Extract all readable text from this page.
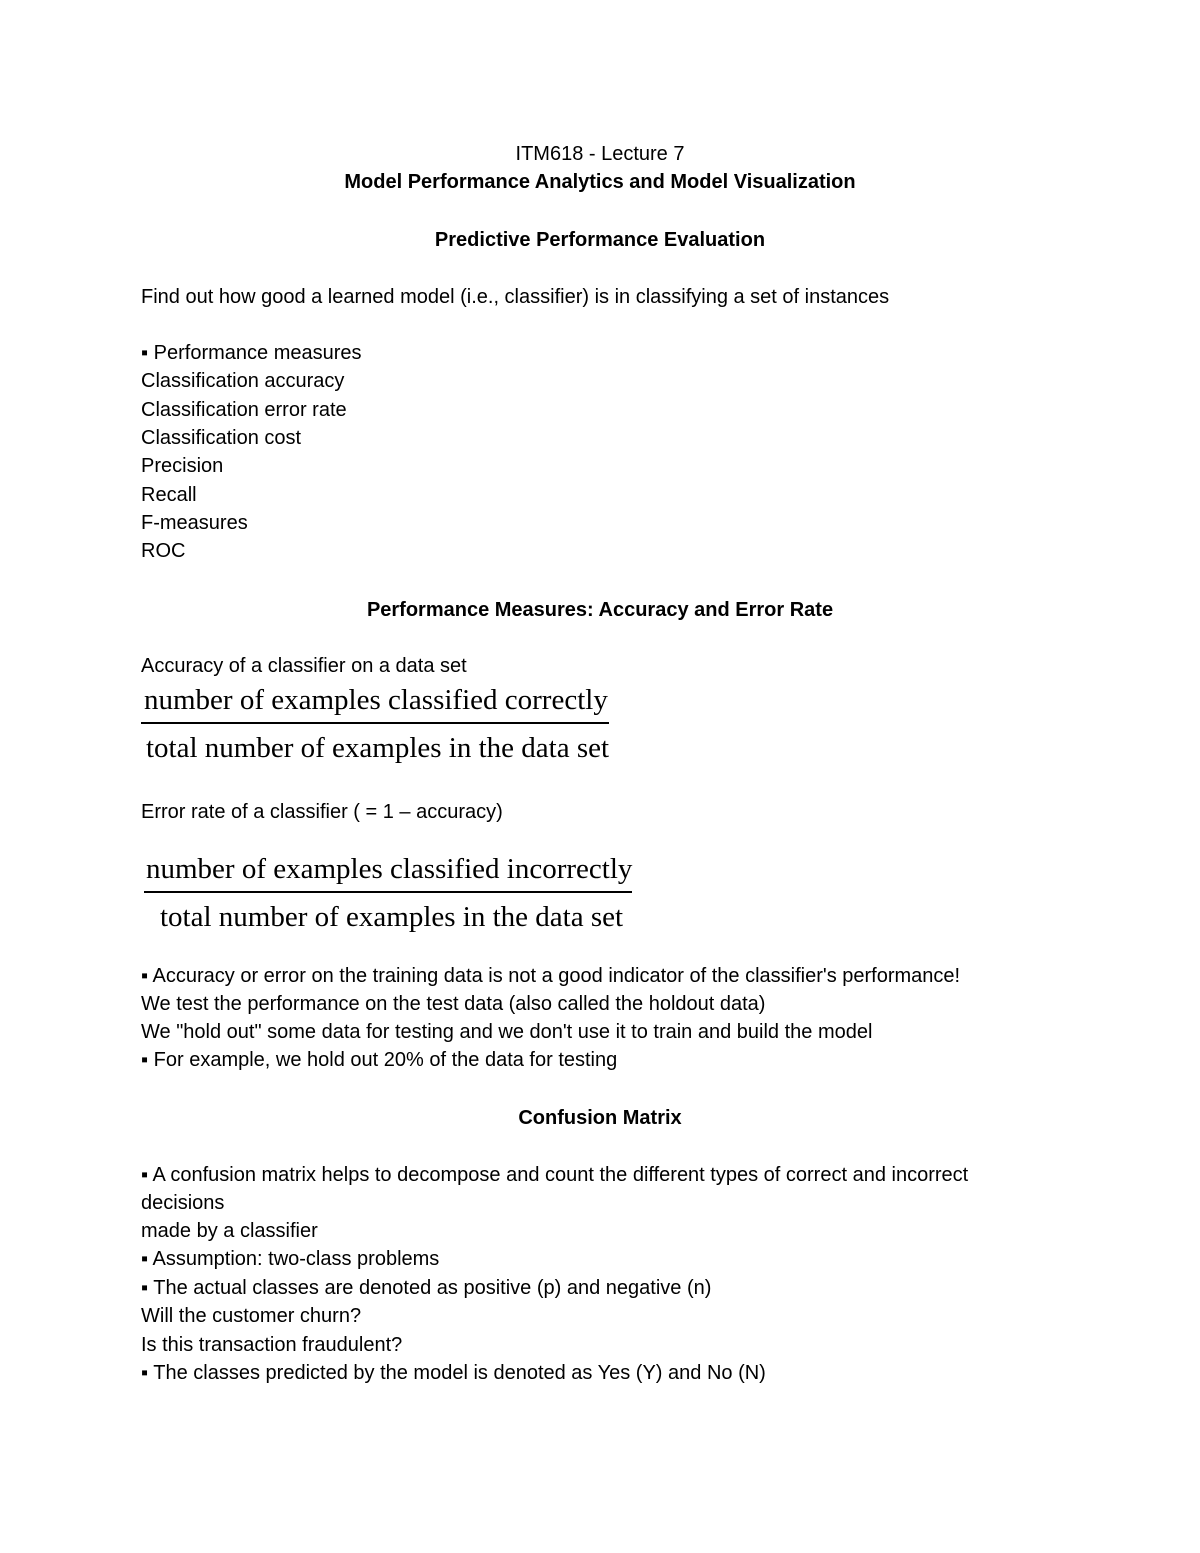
ITM618 - Lecture 7
Model Performance Analytics and Model Visualization
Predictive Performance Evaluation
Find out how good a learned model (i.e., classifier) is in classifying a set of instances
▪ Performance measures
Classification accuracy
Classification error rate
Classification cost
Precision
Recall
F-measures
ROC
Performance Measures: Accuracy and Error Rate
Accuracy of a classifier on a data set
number of examples classified correctly
total number of examples in the data set
Error rate of a classifier ( = 1 – accuracy)
number of examples classified incorrectly
total number of examples in the data set
▪ Accuracy or error on the training data is not a good indicator of the classifier's performance!
We test the performance on the test data (also called the holdout data)
We "hold out" some data for testing and we don't use it to train and build the model
▪ For example, we hold out 20% of the data for testing
Confusion Matrix
▪ A confusion matrix helps to decompose and count the different types of correct and incorrect
decisions
made by a classifier
▪ Assumption: two-class problems
▪ The actual classes are denoted as positive (p) and negative (n)
Will the customer churn?
Is this transaction fraudulent?
▪ The classes predicted by the model is denoted as Yes (Y) and No (N)
